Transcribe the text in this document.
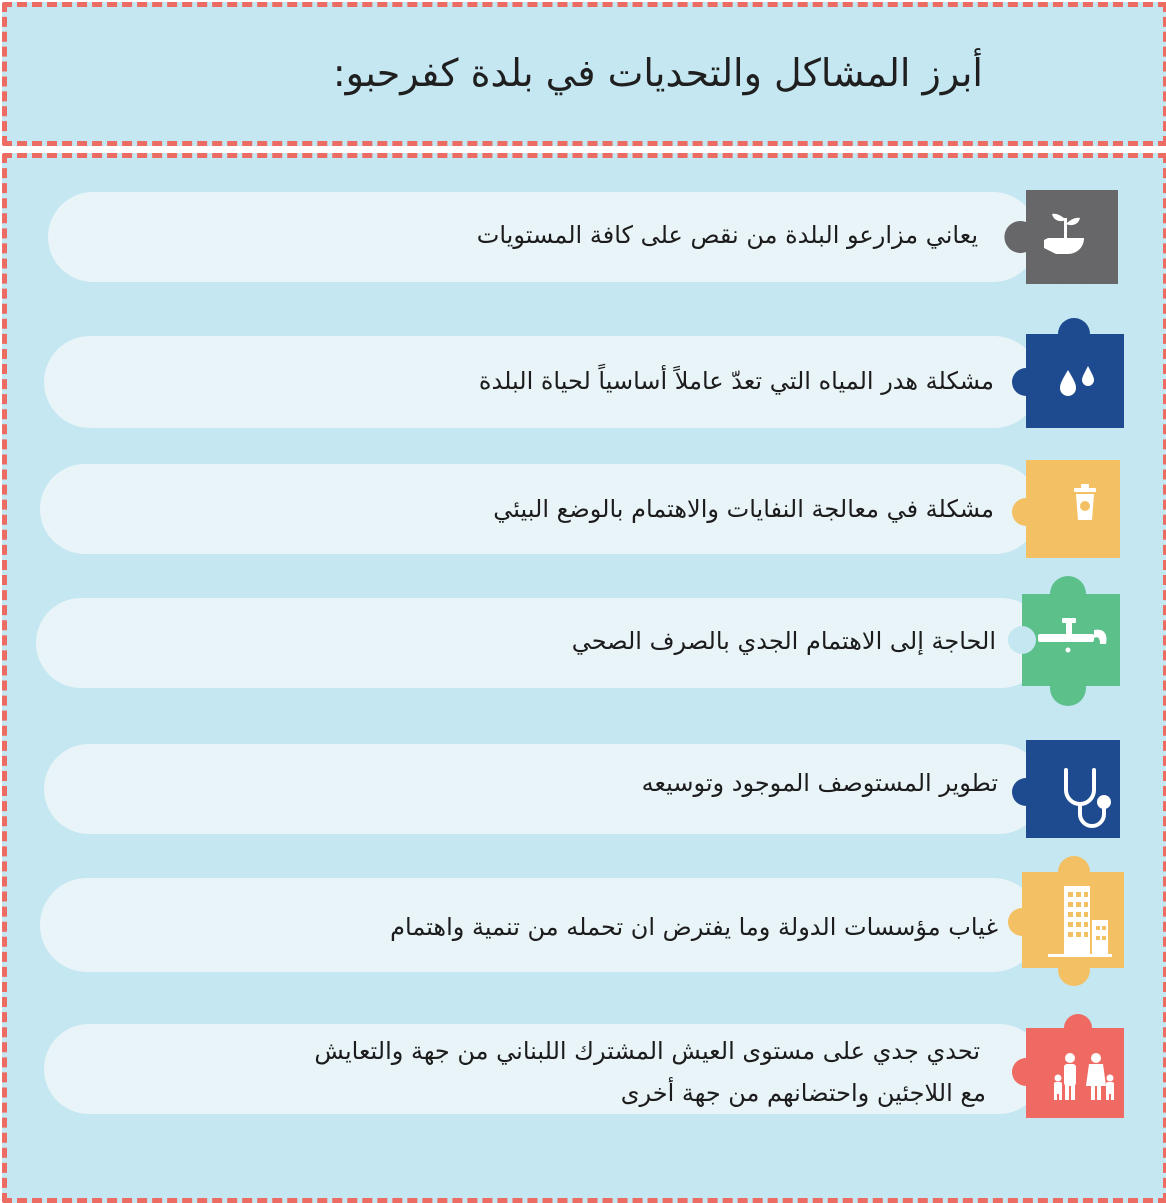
أبرز المشاكل والتحديات في بلدة كفرحبو:
يعاني مزارعو البلدة من نقص على كافة المستويات
مشكلة هدر المياه التي تعدّ عاملاً أساسياً لحياة البلدة
مشكلة في معالجة النفايات والاهتمام بالوضع البيئي
الحاجة إلى الاهتمام الجدي بالصرف الصحي
تطوير المستوصف الموجود وتوسيعه
غياب مؤسسات الدولة وما يفترض ان تحمله من تنمية واهتمام
تحدي جدي على مستوى العيش المشترك اللبناني من جهة والتعايش
مع اللاجئين واحتضانهم من جهة أخرى
